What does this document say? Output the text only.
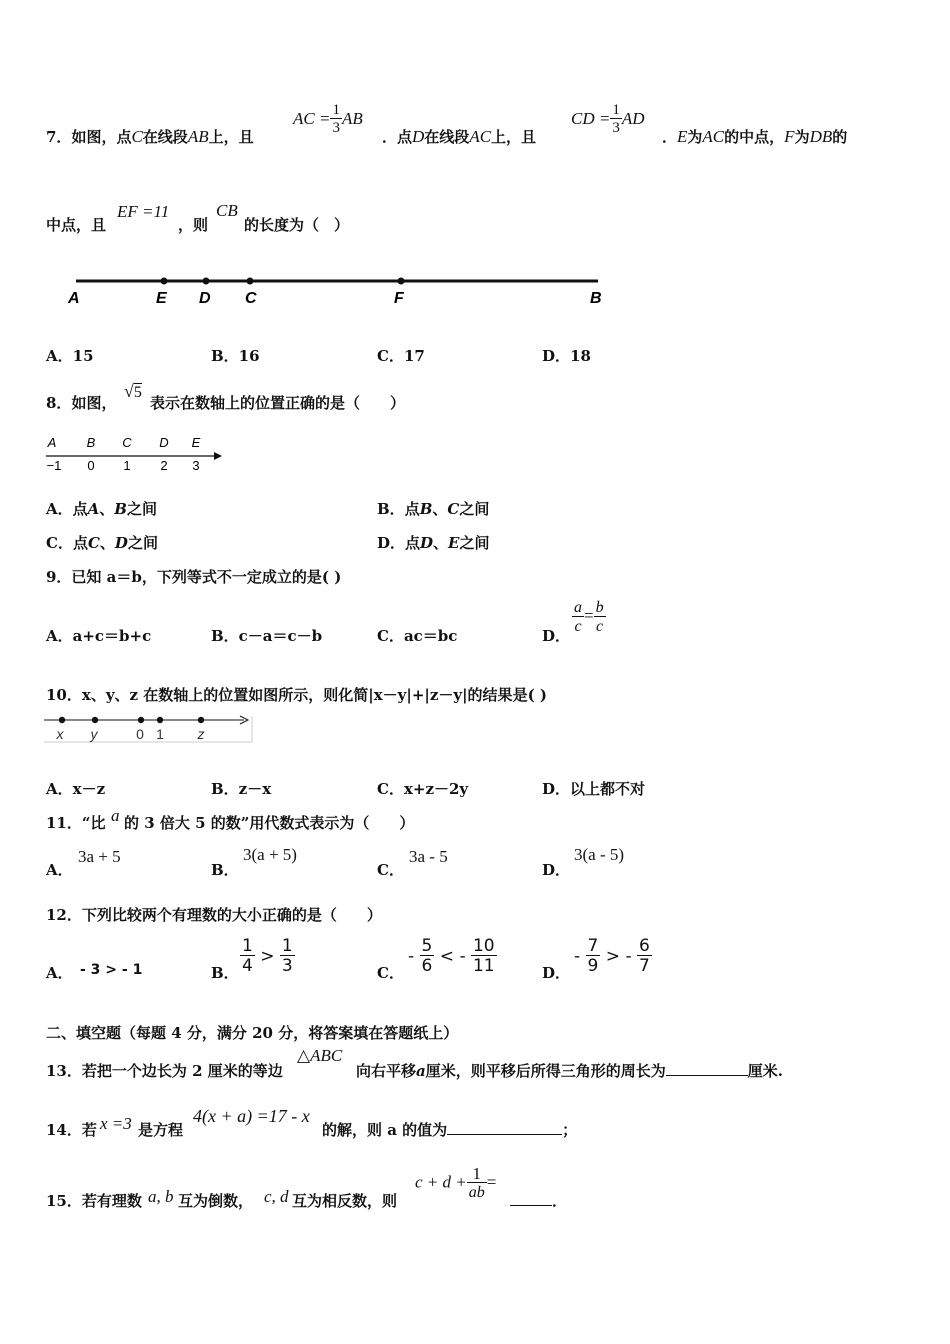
7．如图，点C在线段AB上，且
AC = $\frac{1}{3}$ AB
．点D在线段AC上，且
CD = $\frac{1}{3}$ AD
．E为AC的中点，F为DB的
中点，且
EF =11
，则
CB
的长度为（　）
A	E D C	F	B
A．15	B．16	C．17	D．18
8．如图，
√5
表示在数轴上的位置正确的是（　　）
A B C D E
−1 0 1 2 3
A．点A、B之间	B．点B、C之间
C．点C、D之间	D．点D、E之间
9．已知 a＝b，下列等式不一定成立的是( )
A．a+c＝b+c	B．c－a＝c－b	C．ac＝bc	D．
$\frac{a}{c} = \frac{b}{c}$
10．x、y、z 在数轴上的位置如图所示，则化简|x－y|+|z－y|的结果是( )
x y	0 1 z
A．x－z	B．z－x	C．x+z－2y	D．以上都不对
11．“比 a 的 3 倍大 5 的数”用代数式表示为（　　）
A．
3a + 5
B．
3(a + 5)
C．
3a - 5
D．
3(a - 5)
12．下列比较两个有理数的大小正确的是（　　）
A． - 3 > - 1	B． $\frac{1}{4} > \frac{1}{3}$	C．
- $\frac{5}{6}$ < - $\frac{10}{11}$	D．
- $\frac{7}{9}$ > - $\frac{6}{7}$
二、填空题（每题 4 分，满分 20 分，将答案填在答题纸上）
13．若把一个边长为 2 厘米的等边
△ABC
向右平移a厘米，则平移后所得三角形的周长为	厘米.
14．若 x =3 是方程
4(x + a) =17 - x
的解，则 a 的值为	；
15．若有理数 a, b 互为倒数， c, d 互为相反数，则
$c + d + \frac{1}{ab}$ =
．
